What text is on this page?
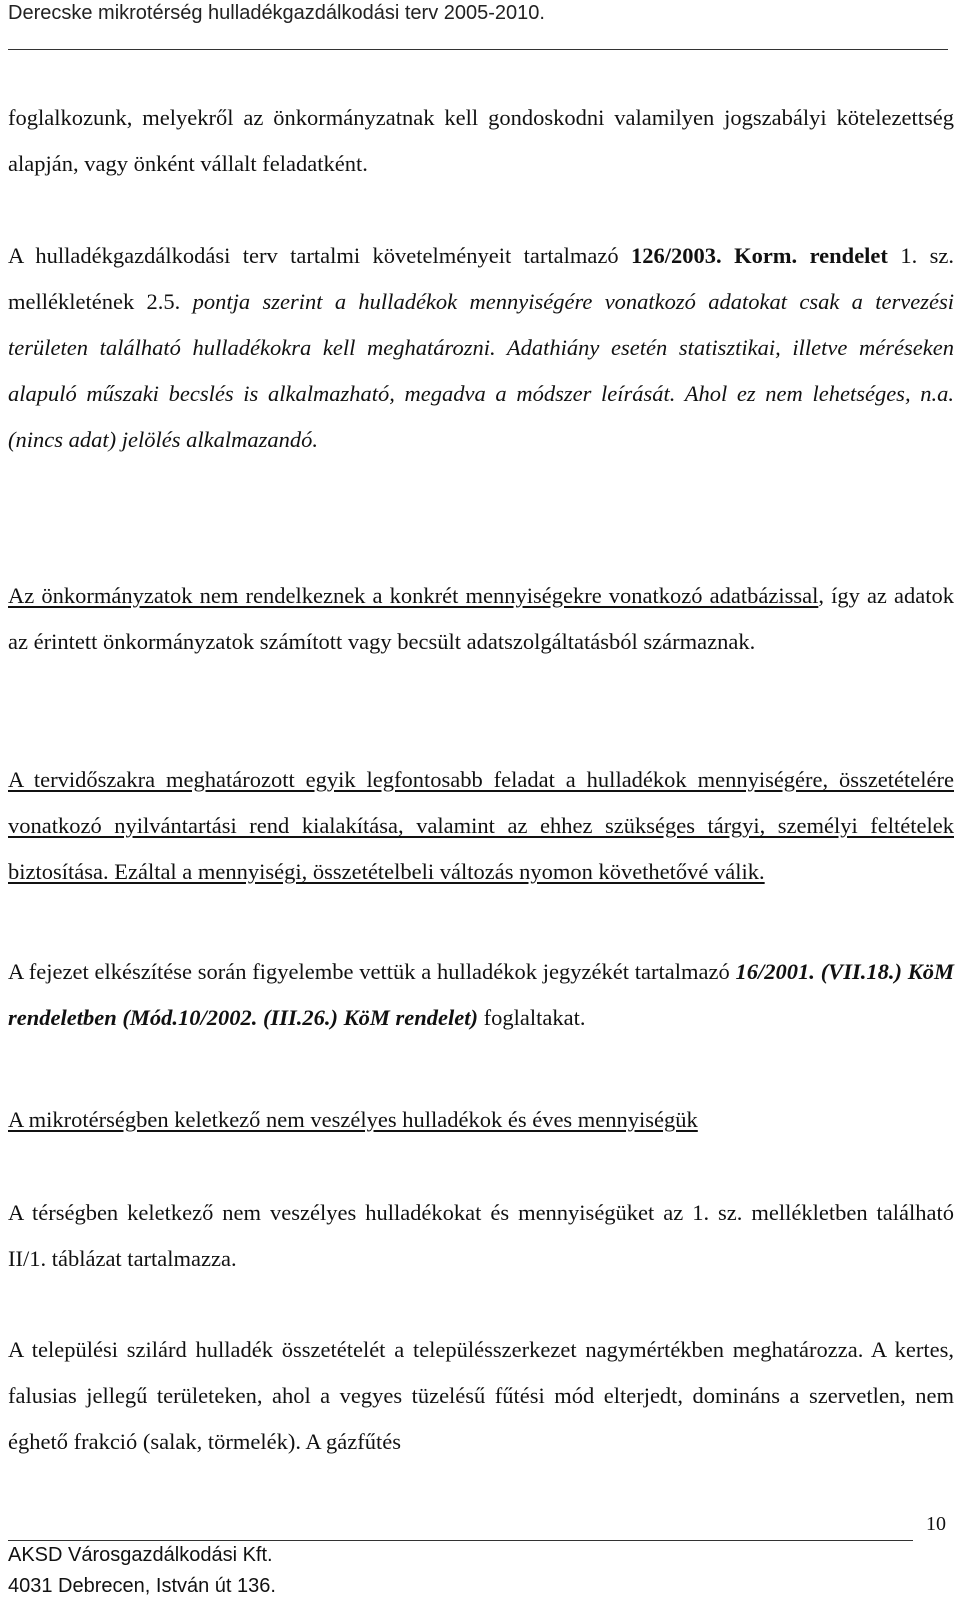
Derecske mikrotérség hulladékgazdálkodási terv 2005-2010.

foglalkozunk, melyekről az önkormányzatnak kell gondoskodni valamilyen jogszabályi kötelezettség alapján, vagy önként vállalt feladatként.

A hulladékgazdálkodási terv tartalmi követelményeit tartalmazó 126/2003. Korm. rendelet 1. sz. mellékletének 2.5. pontja szerint a hulladékok mennyiségére vonatkozó adatokat csak a tervezési területen található hulladékokra kell meghatározni. Adathiány esetén statisztikai, illetve méréseken alapuló műszaki becslés is alkalmazható, megadva a módszer leírását. Ahol ez nem lehetséges, n.a. (nincs adat) jelölés alkalmazandó.

Az önkormányzatok nem rendelkeznek a konkrét mennyiségekre vonatkozó adatbázissal, így az adatok az érintett önkormányzatok számított vagy becsült adatszolgáltatásból származnak.

A tervidőszakra meghatározott egyik legfontosabb feladat a hulladékok mennyiségére, összetételére vonatkozó nyilvántartási rend kialakítása, valamint az ehhez szükséges tárgyi, személyi feltételek biztosítása. Ezáltal a mennyiségi, összetételbeli változás nyomon követhetővé válik.

A fejezet elkészítése során figyelembe vettük a hulladékok jegyzékét tartalmazó 16/2001. (VII.18.) KöM rendeletben (Mód.10/2002. (III.26.) KöM rendelet) foglaltakat.

A mikrotérségben keletkező nem veszélyes hulladékok és éves mennyiségük

A térségben keletkező nem veszélyes hulladékokat és mennyiségüket az 1. sz. mellékletben található II/1. táblázat tartalmazza.

A települési szilárd hulladék összetételét a településszerkezet nagymértékben meghatározza. A kertes, falusias jellegű területeken, ahol a vegyes tüzelésű fűtési mód elterjedt, domináns a szervetlen, nem éghető frakció (salak, törmelék). A gázfűtés

10
AKSD Városgazdálkodási Kft.
4031 Debrecen, István út 136.
